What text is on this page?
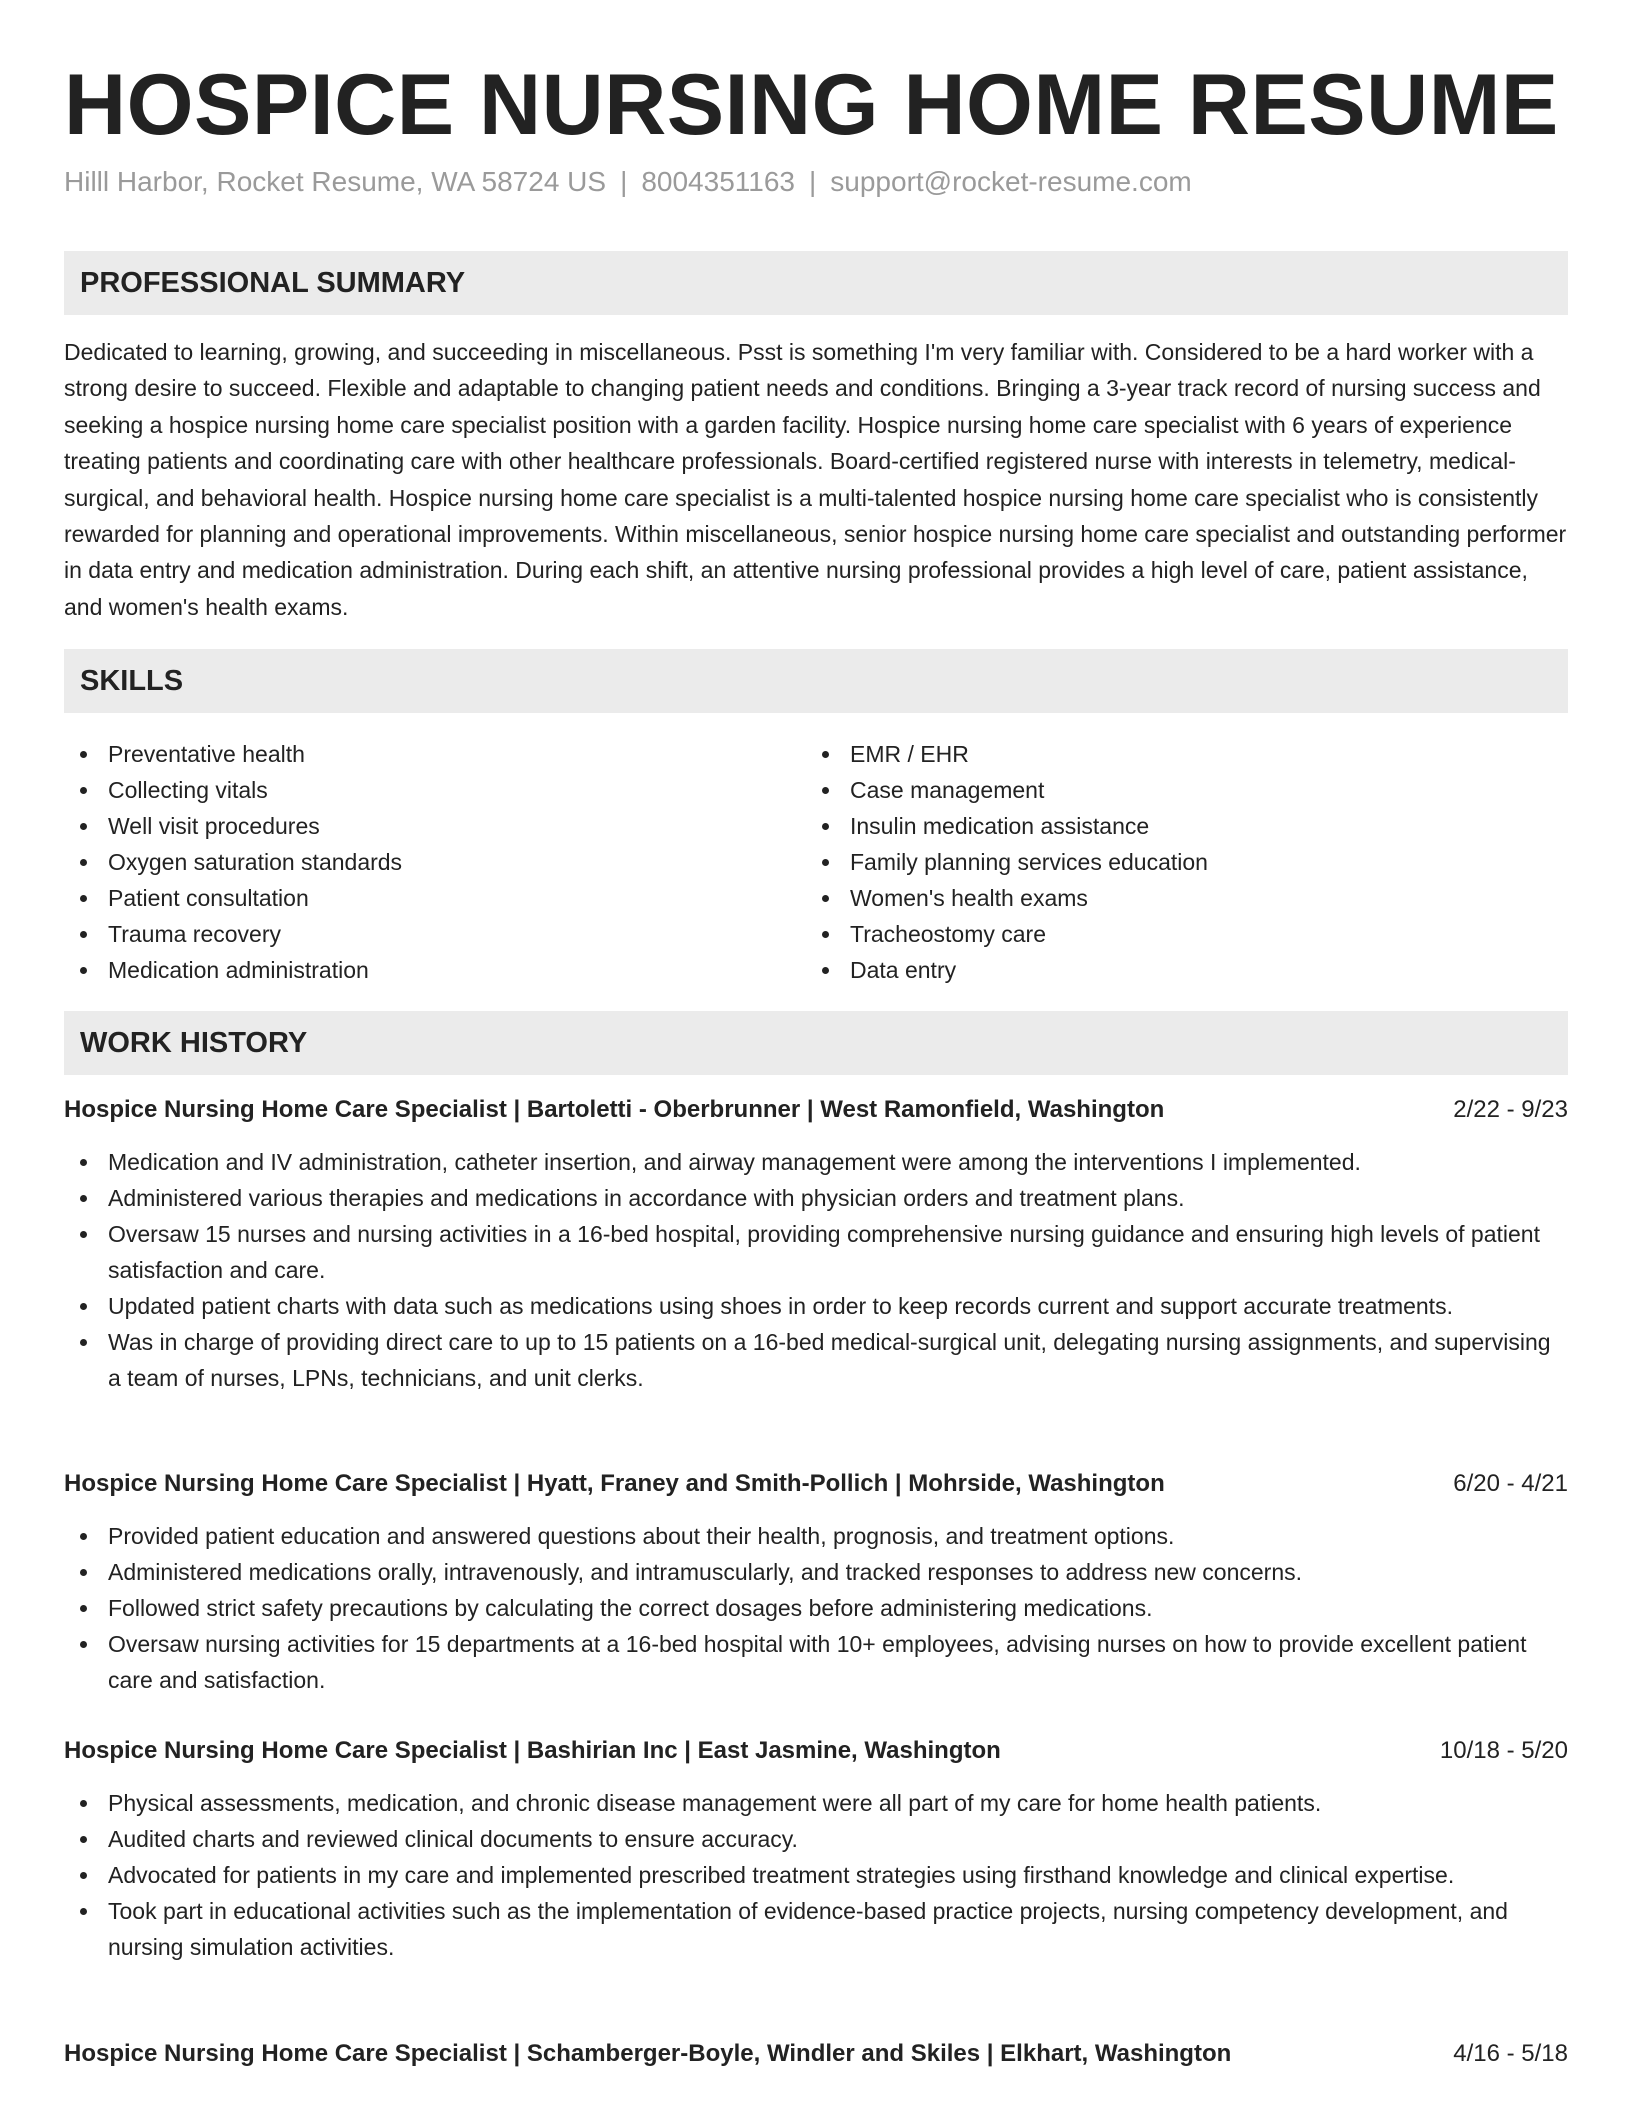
HOSPICE NURSING HOME RESUME
Hilll Harbor, Rocket Resume, WA 58724 US | 8004351163 | support@rocket-resume.com
PROFESSIONAL SUMMARY

Dedicated to learning, growing, and succeeding in miscellaneous. Psst is something I'm very familiar with. Considered to be a hard worker with a strong desire to succeed. Flexible and adaptable to changing patient needs and conditions. Bringing a 3-year track record of nursing success and seeking a hospice nursing home care specialist position with a garden facility. Hospice nursing home care specialist with 6 years of experience treating patients and coordinating care with other healthcare professionals. Board-certified registered nurse with interests in telemetry, medical-surgical, and behavioral health. Hospice nursing home care specialist is a multi-talented hospice nursing home care specialist who is consistently rewarded for planning and operational improvements. Within miscellaneous, senior hospice nursing home care specialist and outstanding performer in data entry and medication administration. During each shift, an attentive nursing professional provides a high level of care, patient assistance, and women's health exams.

SKILLS
Preventative health
Collecting vitals
Well visit procedures
Oxygen saturation standards
Patient consultation
Trauma recovery
Medication administration
EMR / EHR
Case management
Insulin medication assistance
Family planning services education
Women's health exams
Tracheostomy care
Data entry
WORK HISTORY
Hospice Nursing Home Care Specialist | Bartoletti - Oberbrunner | West Ramonfield, Washington	2/22 - 9/23
Medication and IV administration, catheter insertion, and airway management were among the interventions I implemented.
Administered various therapies and medications in accordance with physician orders and treatment plans.
Oversaw 15 nurses and nursing activities in a 16-bed hospital, providing comprehensive nursing guidance and ensuring high levels of patient satisfaction and care.
Updated patient charts with data such as medications using shoes in order to keep records current and support accurate treatments.
Was in charge of providing direct care to up to 15 patients on a 16-bed medical-surgical unit, delegating nursing assignments, and supervising a team of nurses, LPNs, technicians, and unit clerks.
Hospice Nursing Home Care Specialist | Hyatt, Franey and Smith-Pollich | Mohrside, Washington	6/20 - 4/21
Provided patient education and answered questions about their health, prognosis, and treatment options.
Administered medications orally, intravenously, and intramuscularly, and tracked responses to address new concerns.
Followed strict safety precautions by calculating the correct dosages before administering medications.
Oversaw nursing activities for 15 departments at a 16-bed hospital with 10+ employees, advising nurses on how to provide excellent patient care and satisfaction.
Hospice Nursing Home Care Specialist | Bashirian Inc | East Jasmine, Washington	10/18 - 5/20
Physical assessments, medication, and chronic disease management were all part of my care for home health patients.
Audited charts and reviewed clinical documents to ensure accuracy.
Advocated for patients in my care and implemented prescribed treatment strategies using firsthand knowledge and clinical expertise.
Took part in educational activities such as the implementation of evidence-based practice projects, nursing competency development, and nursing simulation activities.
Hospice Nursing Home Care Specialist | Schamberger-Boyle, Windler and Skiles | Elkhart, Washington	4/16 - 5/18
